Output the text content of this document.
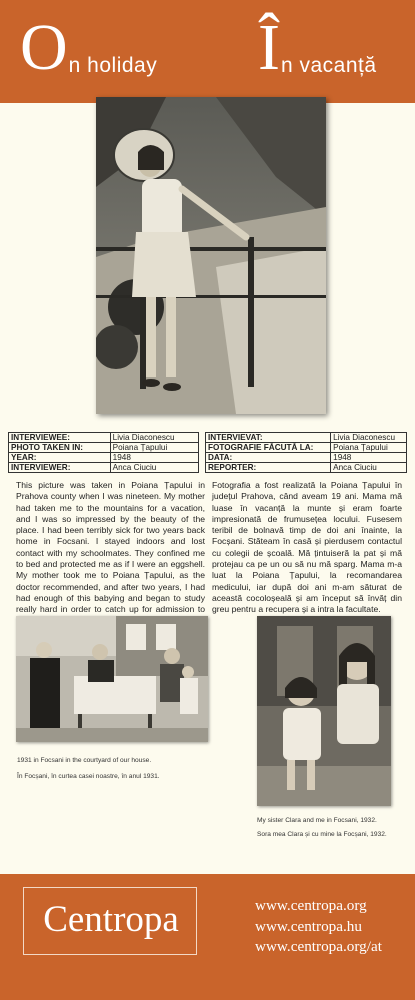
On holiday În vacanță
INTERVIEWEE:	Livia Diaconescu
PHOTO TAKEN IN:	Poiana Țapului
YEAR:	1948
INTERVIEWER:	Anca Ciuciu
INTERVIEVAT:	Livia Diaconescu
FOTOGRAFIE FĂCUTĂ LA:	Poiana Țapului
DATA:	1948
REPORTER:	Anca Ciuciu
This picture was taken in Poiana Țapului in Prahova county when I was nineteen. My mother had taken me to the mountains for a vacation, and I was so impressed by the beauty of the place. I had been terribly sick for two years back home in Focsani. I stayed indoors and lost contact with my schoolmates. They confined me to bed and protected me as if I were an eggshell. My mother took me to Poiana Țapului, as the doctor recommended, and after two years, I had had enough of this babying and began to study really hard in order to catch up for admission to
Fotografia a fost realizată la Poiana Țapului în județul Prahova, când aveam 19 ani. Mama mă luase în vacanță la munte și eram foarte impresionată de frumusețea locului. Fusesem teribil de bolnavă timp de doi ani înainte, la Focșani. Stăteam în casă și pierdusem contactul cu colegii de școală. Mă țintuiseră la pat și mă protejau ca pe un ou să nu mă sparg. Mama m-a luat la Poiana Țapului, la recomandarea medicului, iar după doi ani m-am săturat de această cocoloșeală și am început să învăț din greu pentru a recupera și a intra la facultate.
1931 in Focsani in the courtyard of our house.
În Focșani, în curtea casei noastre, în anul 1931.
My sister Clara and me in Focsani, 1932.
Sora mea Clara și cu mine la Focșani, 1932.
Centropa	www.centropa.org
www.centropa.hu
www.centropa.org/at
